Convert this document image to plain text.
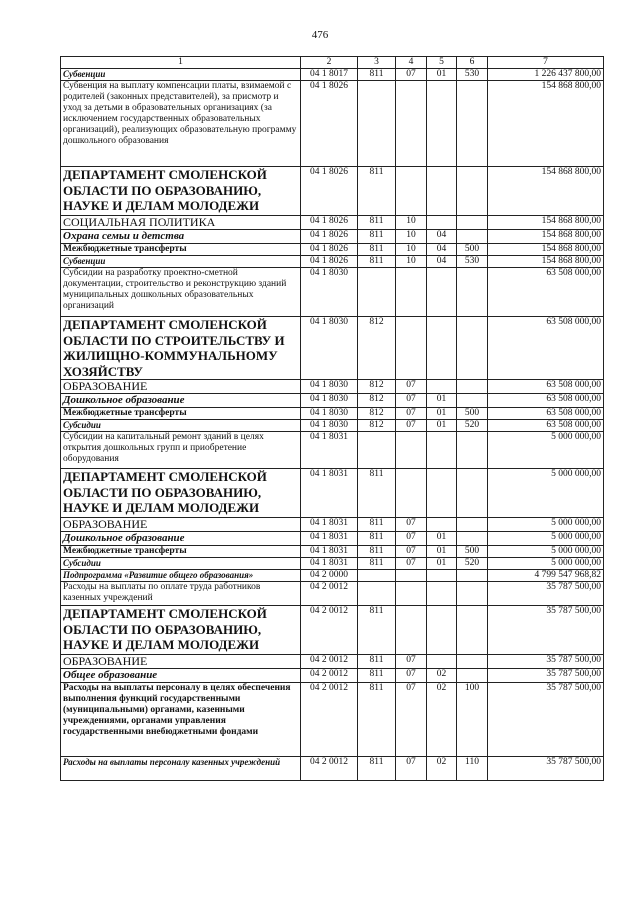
476
1	2	3	4	5	6	7
Субвенции	04 1 8017	811	07	01	530	1 226 437 800,00
Субвенция на выплату компенсации платы, взимаемой с родителей (законных представителей), за присмотр и уход за детьми в образовательных организациях (за исключением государственных образовательных организаций), реализующих образовательную программу дошкольного образования	04 1 8026					154 868 800,00
ДЕПАРТАМЕНТ СМОЛЕНСКОЙ ОБЛАСТИ ПО ОБРАЗОВАНИЮ, НАУКЕ И ДЕЛАМ МОЛОДЕЖИ	04 1 8026	811				154 868 800,00
СОЦИАЛЬНАЯ ПОЛИТИКА	04 1 8026	811	10			154 868 800,00
Охрана семьи и детства	04 1 8026	811	10	04		154 868 800,00
Межбюджетные трансферты	04 1 8026	811	10	04	500	154 868 800,00
Субвенции	04 1 8026	811	10	04	530	154 868 800,00
Субсидии на разработку проектно-сметной документации, строительство и реконструкцию зданий муниципальных дошкольных образовательных организаций	04 1 8030					63 508 000,00
ДЕПАРТАМЕНТ СМОЛЕНСКОЙ ОБЛАСТИ ПО СТРОИТЕЛЬСТВУ И ЖИЛИЩНО-КОММУНАЛЬНОМУ ХОЗЯЙСТВУ	04 1 8030	812				63 508 000,00
ОБРАЗОВАНИЕ	04 1 8030	812	07			63 508 000,00
Дошкольное образование	04 1 8030	812	07	01		63 508 000,00
Межбюджетные трансферты	04 1 8030	812	07	01	500	63 508 000,00
Субсидии	04 1 8030	812	07	01	520	63 508 000,00
Субсидии на капитальный ремонт зданий в целях открытия дошкольных групп и приобретение оборудования	04 1 8031					5 000 000,00
ДЕПАРТАМЕНТ СМОЛЕНСКОЙ ОБЛАСТИ ПО ОБРАЗОВАНИЮ, НАУКЕ И ДЕЛАМ МОЛОДЕЖИ	04 1 8031	811				5 000 000,00
ОБРАЗОВАНИЕ	04 1 8031	811	07			5 000 000,00
Дошкольное образование	04 1 8031	811	07	01		5 000 000,00
Межбюджетные трансферты	04 1 8031	811	07	01	500	5 000 000,00
Субсидии	04 1 8031	811	07	01	520	5 000 000,00
Подпрограмма «Развитие общего образования»	04 2 0000					4 799 547 968,82
Расходы на выплаты по оплате труда работников казенных учреждений	04 2 0012					35 787 500,00
ДЕПАРТАМЕНТ СМОЛЕНСКОЙ ОБЛАСТИ ПО ОБРАЗОВАНИЮ, НАУКЕ И ДЕЛАМ МОЛОДЕЖИ	04 2 0012	811				35 787 500,00
ОБРАЗОВАНИЕ	04 2 0012	811	07			35 787 500,00
Общее образование	04 2 0012	811	07	02		35 787 500,00
Расходы на выплаты персоналу в целях обеспечения выполнения функций государственными (муниципальными) органами, казенными учреждениями, органами управления государственными внебюджетными фондами	04 2 0012	811	07	02	100	35 787 500,00
Расходы на выплаты персоналу казенных учреждений	04 2 0012	811	07	02	110	35 787 500,00
